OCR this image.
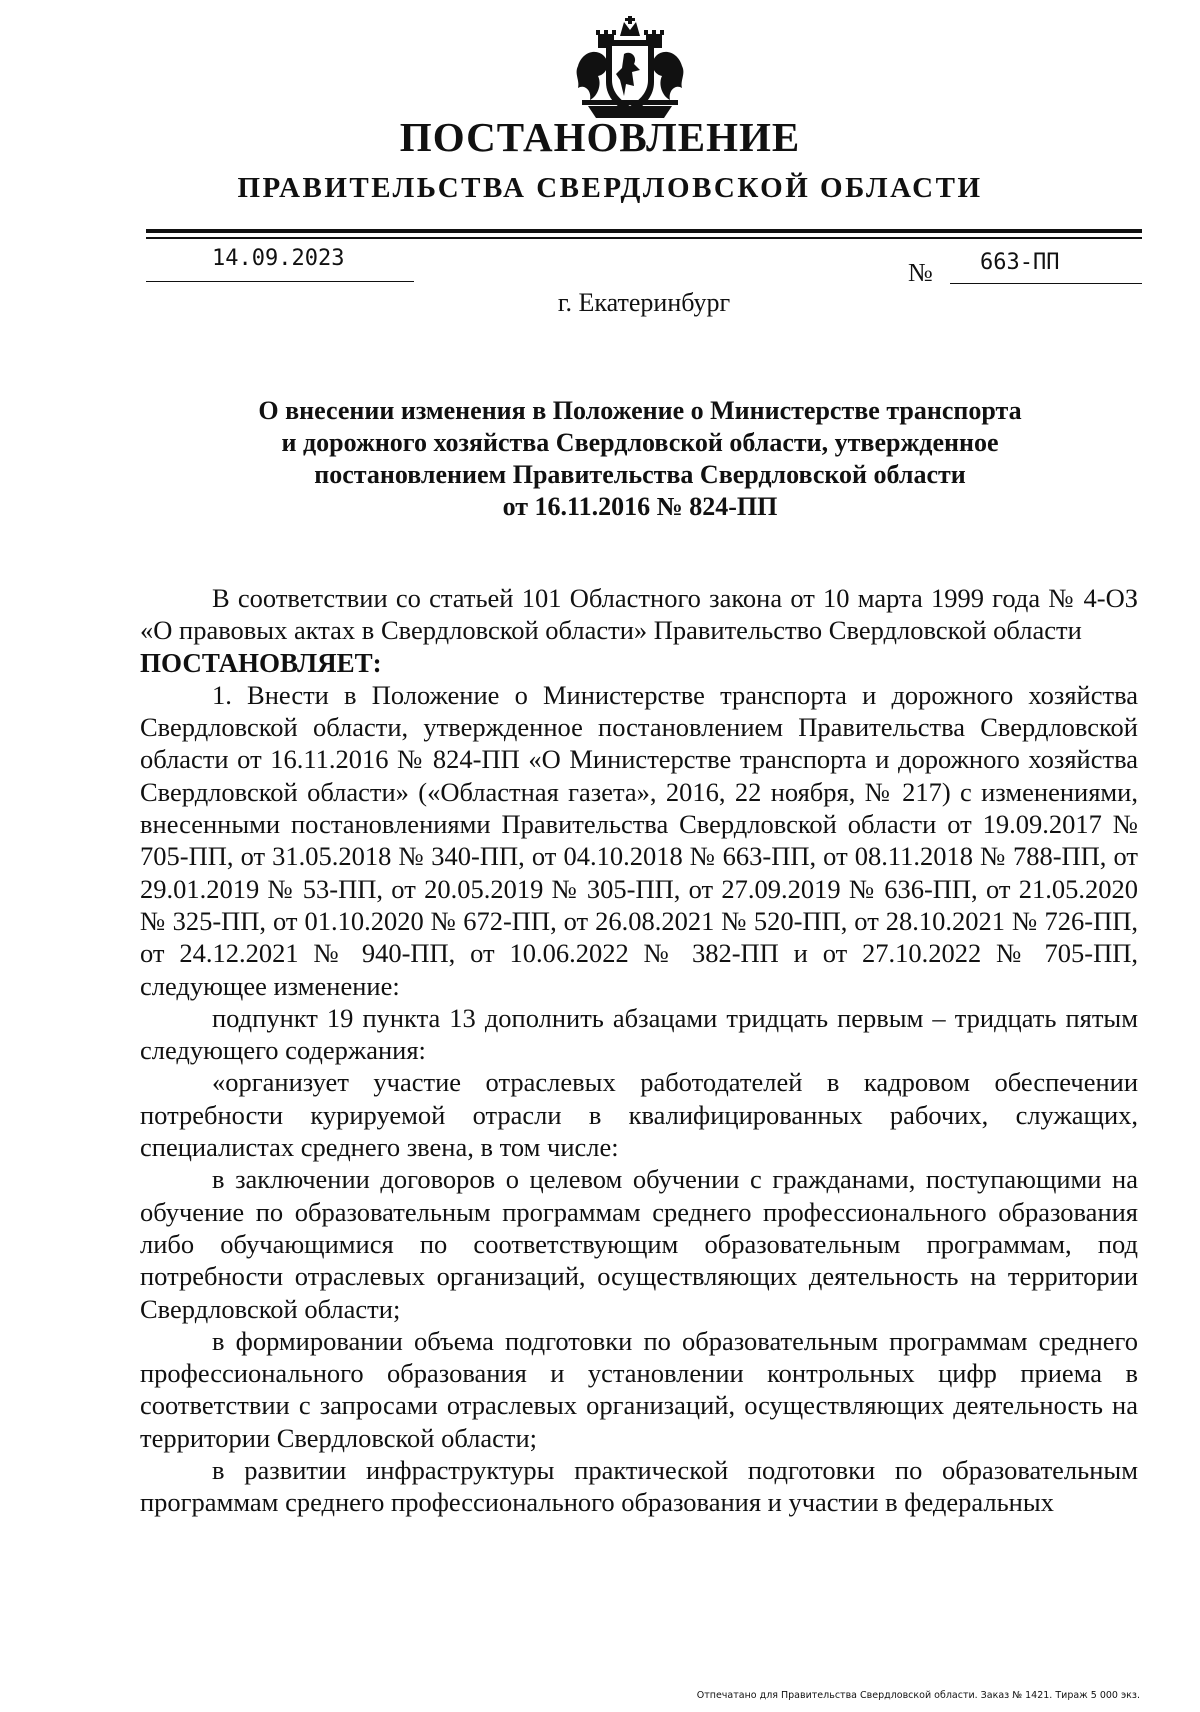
ПОСТАНОВЛЕНИЕ
ПРАВИТЕЛЬСТВА СВЕРДЛОВСКОЙ ОБЛАСТИ
14.09.2023	№ 663-ПП
г. Екатеринбург
О внесении изменения в Положение о Министерстве транспорта
и дорожного хозяйства Свердловской области, утвержденное
постановлением Правительства Свердловской области
от 16.11.2016 № 824-ПП

В соответствии со статьей 101 Областного закона от 10 марта 1999 года № 4-ОЗ «О правовых актах в Свердловской области» Правительство Свердловской области

ПОСТАНОВЛЯЕТ:

1. Внести в Положение о Министерстве транспорта и дорожного хозяйства Свердловской области, утвержденное постановлением Правительства Свердловской области от 16.11.2016 № 824-ПП «О Министерстве транспорта и дорожного хозяйства Свердловской области» («Областная газета», 2016, 22 ноября, № 217) с изменениями, внесенными постановлениями Правительства Свердловской области от 19.09.2017 № 705-ПП, от 31.05.2018 № 340-ПП, от 04.10.2018 № 663-ПП, от 08.11.2018 № 788-ПП, от 29.01.2019 № 53-ПП, от 20.05.2019 № 305-ПП, от 27.09.2019 № 636-ПП, от 21.05.2020 № 325-ПП, от 01.10.2020 № 672-ПП, от 26.08.2021 № 520-ПП, от 28.10.2021 № 726-ПП, от 24.12.2021 № 940-ПП, от 10.06.2022 № 382-ПП и от 27.10.2022 № 705-ПП, следующее изменение:

подпункт 19 пункта 13 дополнить абзацами тридцать первым – тридцать пятым следующего содержания:

«организует участие отраслевых работодателей в кадровом обеспечении потребности курируемой отрасли в квалифицированных рабочих, служащих, специалистах среднего звена, в том числе:

в заключении договоров о целевом обучении с гражданами, поступающими на обучение по образовательным программам среднего профессионального образования либо обучающимися по соответствующим образовательным программам, под потребности отраслевых организаций, осуществляющих деятельность на территории Свердловской области;

в формировании объема подготовки по образовательным программам среднего профессионального образования и установлении контрольных цифр приема в соответствии с запросами отраслевых организаций, осуществляющих деятельность на территории Свердловской области;

в развитии инфраструктуры практической подготовки по образовательным программам среднего профессионального образования и участии в федеральных

Отпечатано для Правительства Свердловской области. Заказ № 1421. Тираж 5 000 экз.
